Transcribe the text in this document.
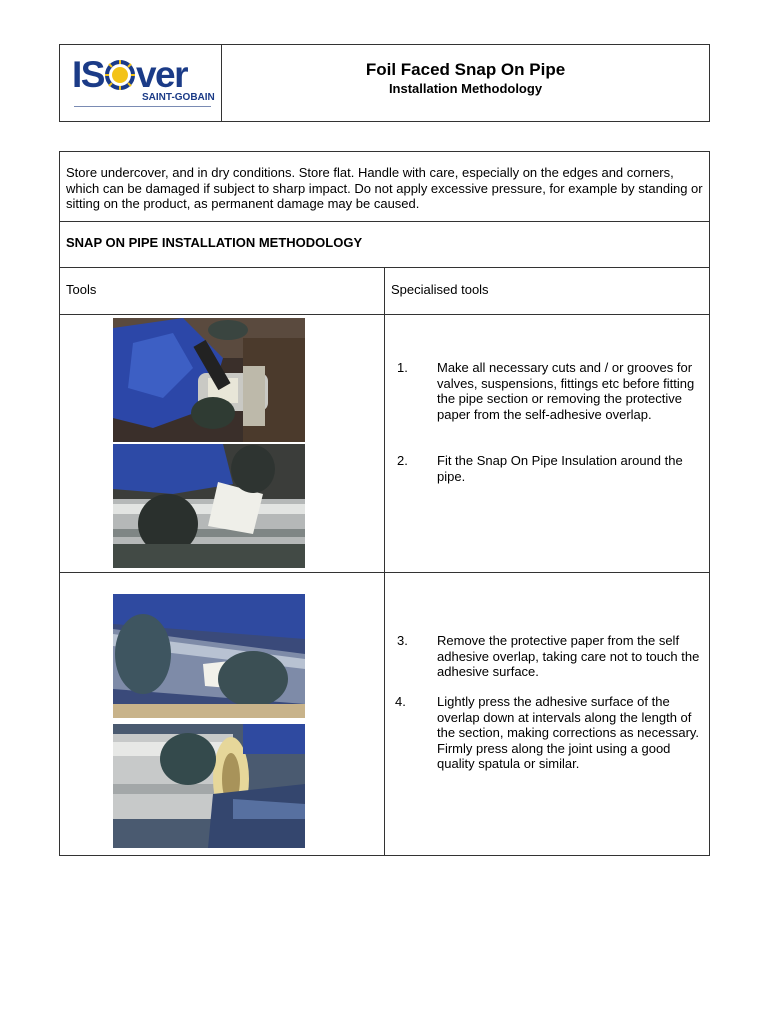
IS ver
SAINT-GOBAIN
Foil Faced Snap On Pipe
Installation Methodology
Store undercover, and in dry conditions. Store flat. Handle with care, especially on the edges and corners, which can be damaged if subject to sharp impact. Do not apply excessive pressure, for example by standing or sitting on the product, as permanent damage may be caused.
SNAP ON PIPE INSTALLATION METHODOLOGY
Tools	Specialised tools
1. Make all necessary cuts and / or grooves for valves, suspensions, fittings etc before fitting the pipe section or removing the protective paper from the self-adhesive overlap.
2. Fit the Snap On Pipe Insulation around the pipe.
3. Remove the protective paper from the self adhesive overlap, taking care not to touch the adhesive surface.
4. Lightly press the adhesive surface of the overlap down at intervals along the length of the section, making corrections as necessary.
Firmly press along the joint using a good quality spatula or similar.
